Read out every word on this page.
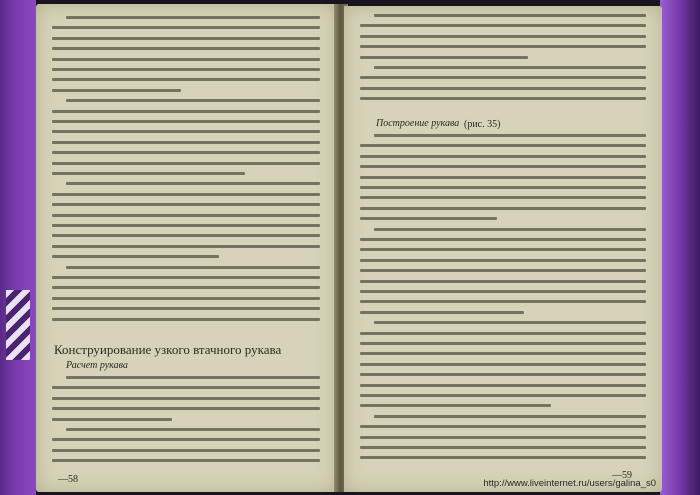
Конструирование узкого втачного рукава
Расчет рукава
—58
Построение рукава (рис. 35)
—59
http://www.liveinternet.ru/users/galina_s0
